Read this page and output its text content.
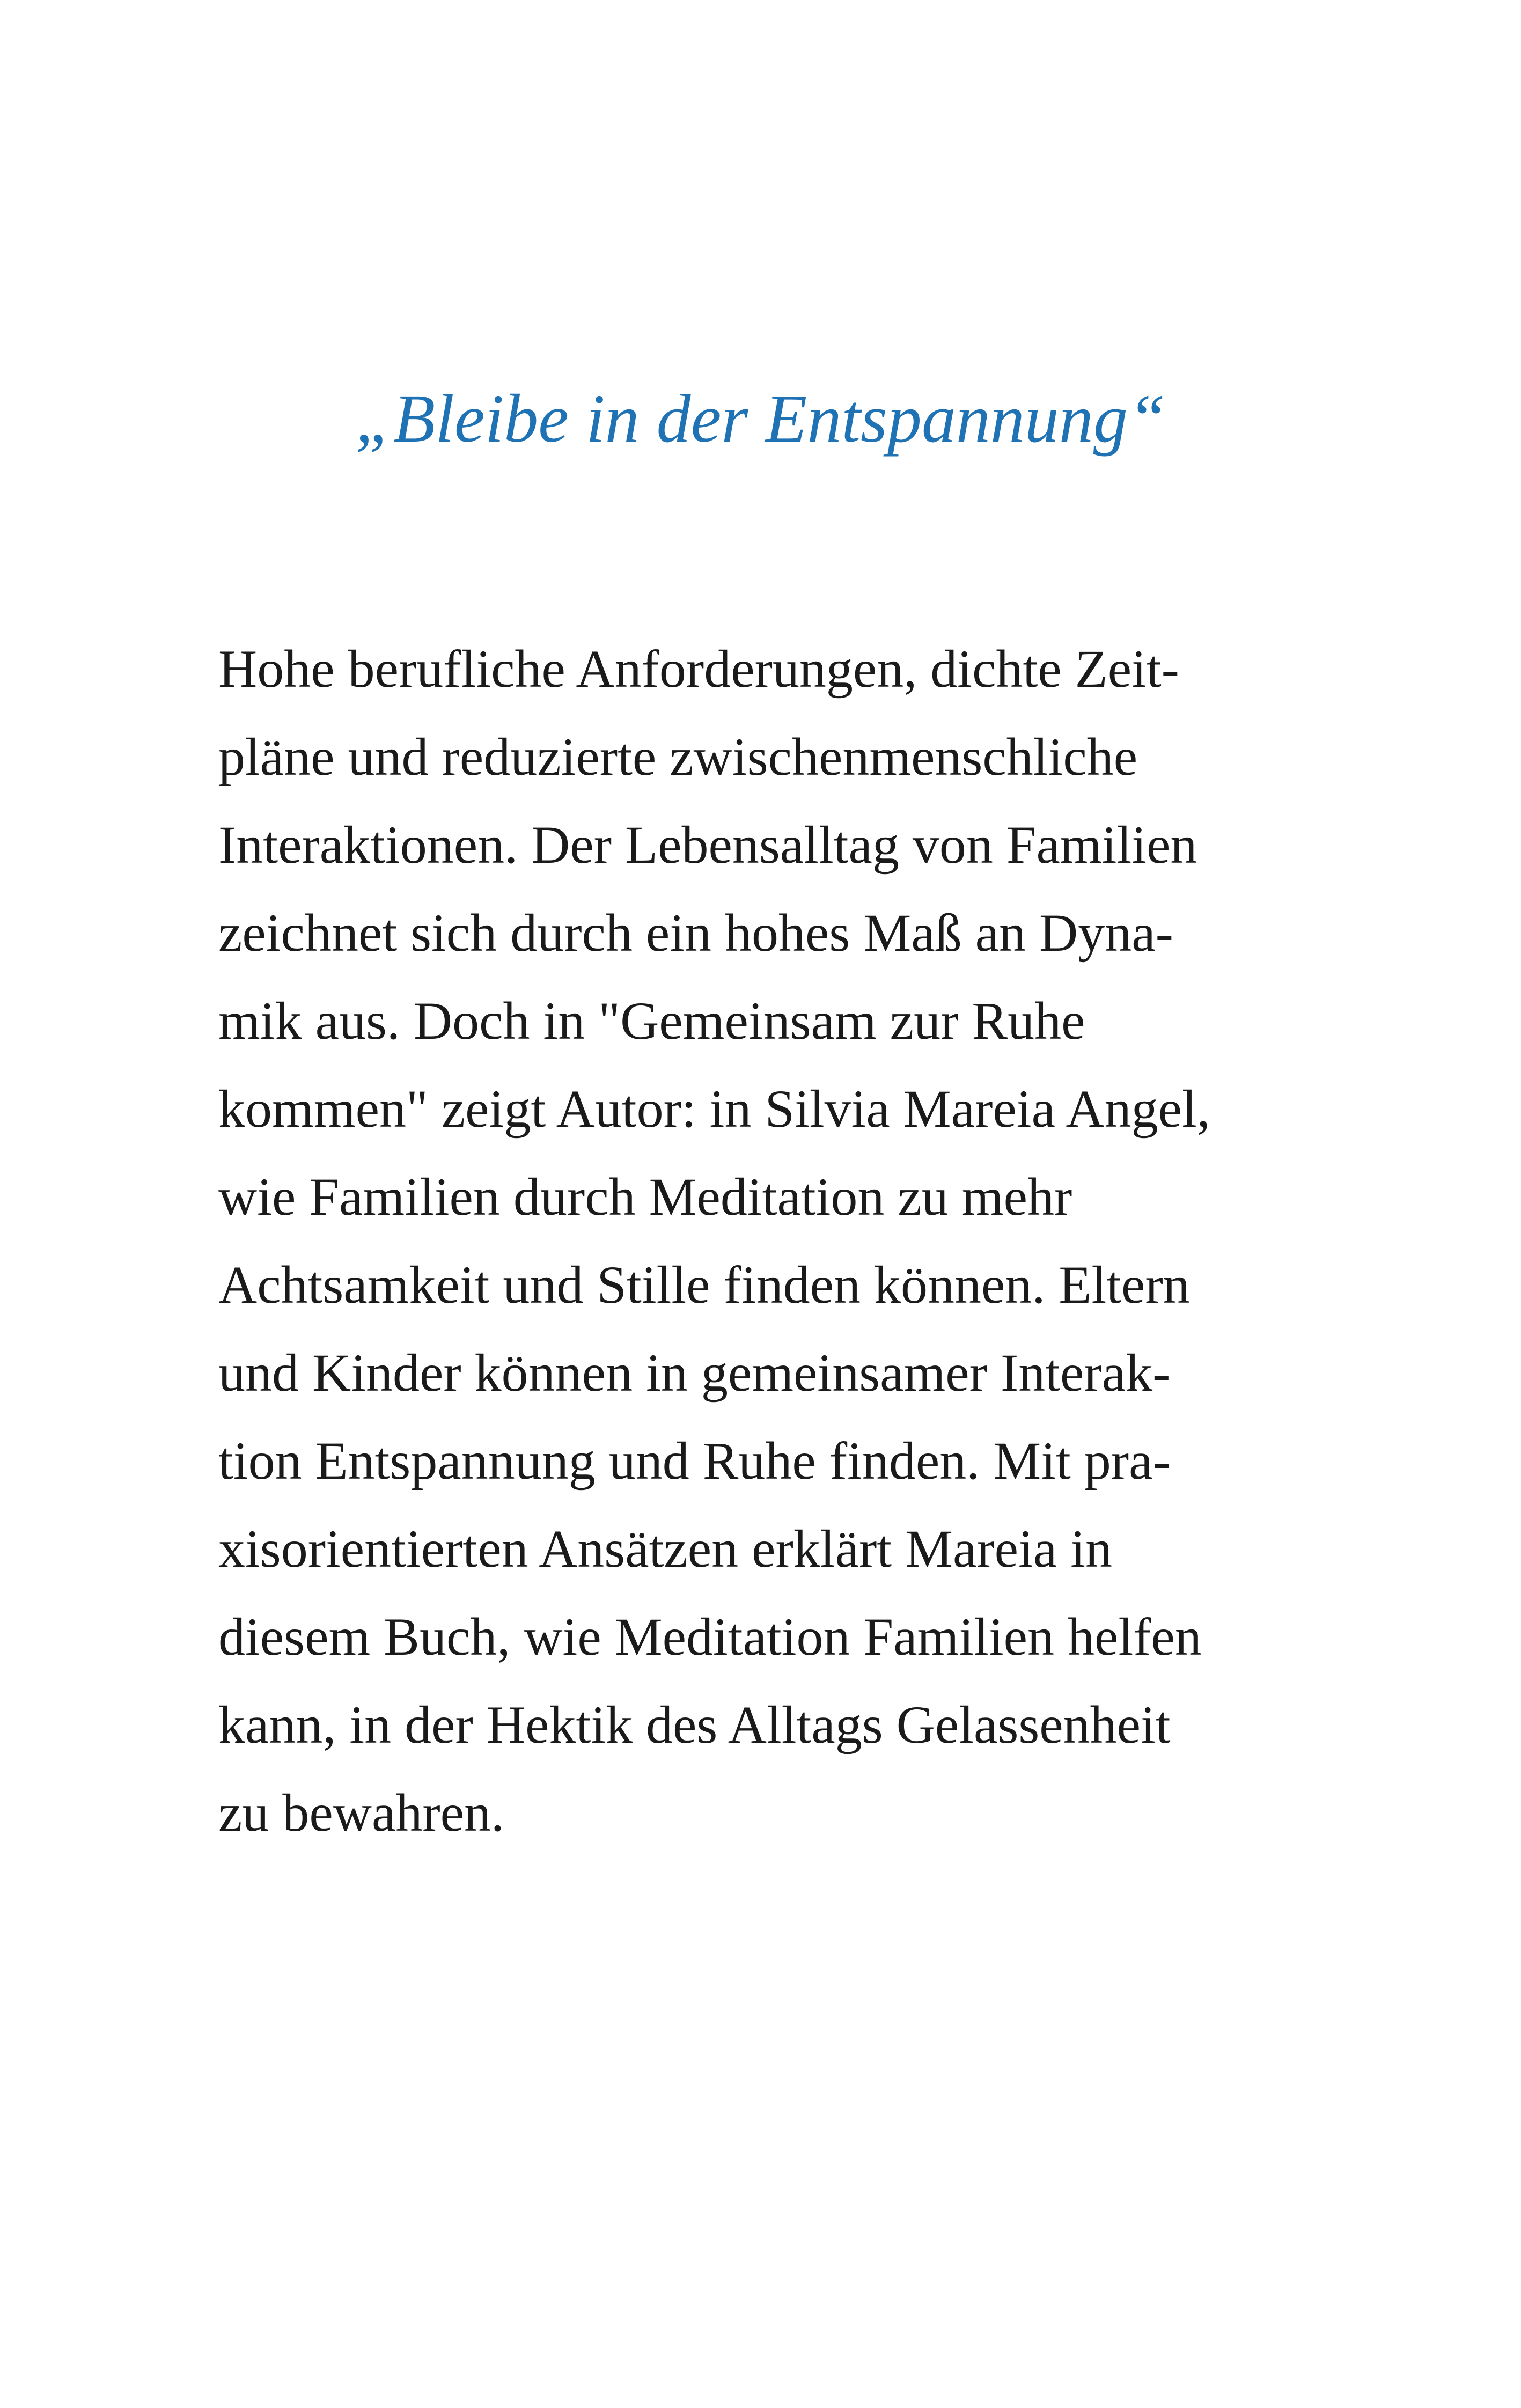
„Bleibe in der Entspannung“
Hohe berufliche Anforderungen, dichte Zeit-
pläne und reduzierte zwischenmenschliche
Interaktionen. Der Lebensalltag von Familien
zeichnet sich durch ein hohes Maß an Dyna-
mik aus. Doch in "Gemeinsam zur Ruhe
kommen" zeigt Autor: in Silvia Mareia Angel,
wie Familien durch Meditation zu mehr
Achtsamkeit und Stille finden können. Eltern
und Kinder können in gemeinsamer Interak-
tion Entspannung und Ruhe finden. Mit pra-
xisorientierten Ansätzen erklärt Mareia in
diesem Buch, wie Meditation Familien helfen
kann, in der Hektik des Alltags Gelassenheit
zu bewahren.
